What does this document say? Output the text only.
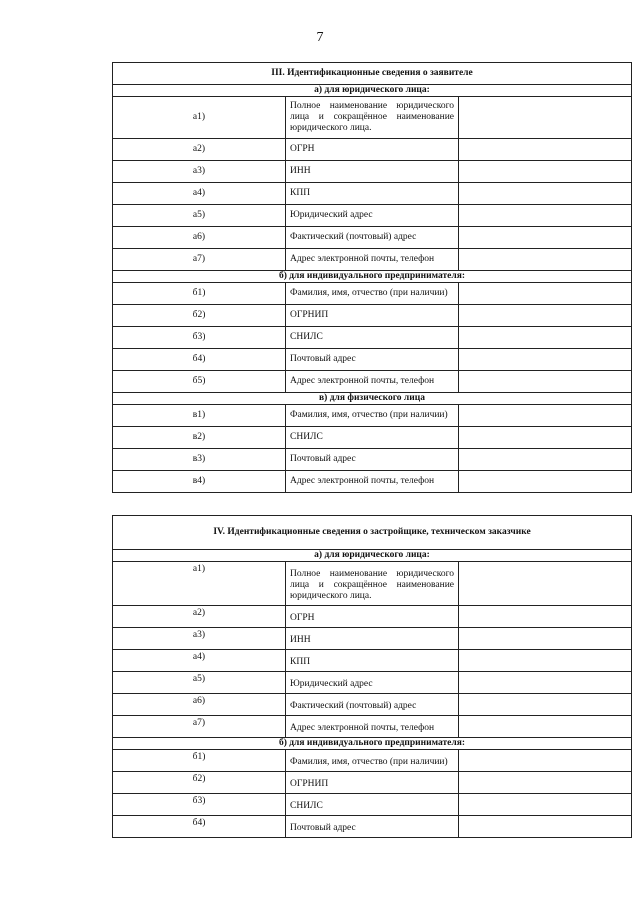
7
III. Идентификационные сведения о заявителе		
а) для юридического лица:		
а1)	Полное наименование юридического лица и сокращённое наименование юридического лица.	
а2)	ОГРН	
а3)	ИНН	
а4)	КПП	
а5)	Юридический адрес	
а6)	Фактический (почтовый) адрес	
а7)	Адрес электронной почты, телефон	
б) для индивидуального предпринимателя:		
б1)	Фамилия, имя, отчество (при наличии)	
б2)	ОГРНИП	
б3)	СНИЛС	
б4)	Почтовый адрес	
б5)	Адрес электронной почты, телефон	
в) для физического лица		
в1)	Фамилия, имя, отчество (при наличии)	
в2)	СНИЛС	
в3)	Почтовый адрес	
в4)	Адрес электронной почты, телефон	
IV. Идентификационные сведения о застройщике, техническом заказчике		
а) для юридического лица:		
а1)	Полное наименование юридического лица и сокращённое наименование юридического лица.	
а2)	ОГРН	
а3)	ИНН	
а4)	КПП	
а5)	Юридический адрес	
а6)	Фактический (почтовый) адрес	
а7)	Адрес электронной почты, телефон	
б) для индивидуального предпринимателя:		
б1)	Фамилия, имя, отчество (при наличии)	
б2)	ОГРНИП	
б3)	СНИЛС	
б4)	Почтовый адрес	
